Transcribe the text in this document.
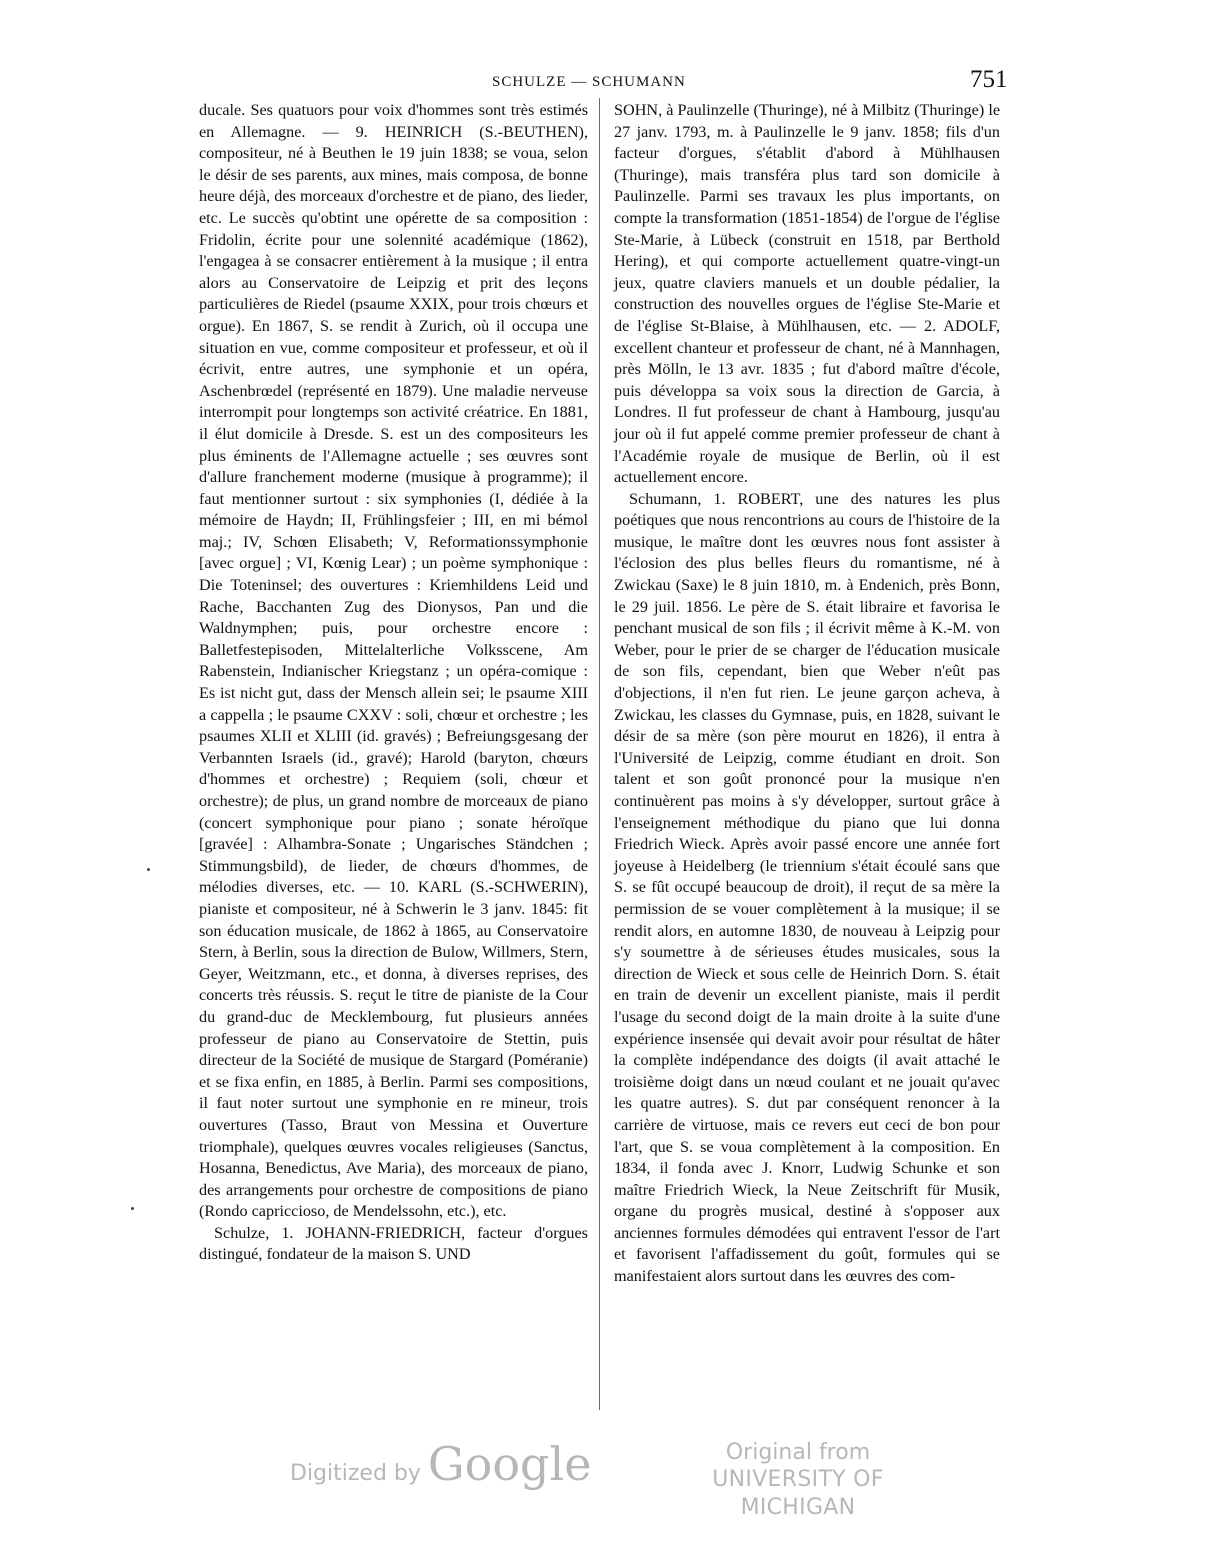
SCHULZE — SCHUMANN	751

ducale. Ses quatuors pour voix d'hommes sont très estimés en Allemagne. — 9. HEINRICH (S.-BEUTHEN), compositeur, né à Beuthen le 19 juin 1838; se voua, selon le désir de ses parents, aux mines, mais composa, de bonne heure déjà, des morceaux d'orchestre et de piano, des lieder, etc. Le succès qu'obtint une opérette de sa composition : Fridolin, écrite pour une solennité académique (1862), l'engagea à se consacrer entièrement à la musique ; il entra alors au Conservatoire de Leipzig et prit des leçons particulières de Riedel (psaume XXIX, pour trois chœurs et orgue). En 1867, S. se rendit à Zurich, où il occupa une situation en vue, comme compositeur et professeur, et où il écrivit, entre autres, une symphonie et un opéra, Aschenbrœdel (représenté en 1879). Une maladie nerveuse interrompit pour longtemps son activité créatrice. En 1881, il élut domicile à Dresde. S. est un des compositeurs les plus éminents de l'Allemagne actuelle ; ses œuvres sont d'allure franchement moderne (musique à programme); il faut mentionner surtout : six symphonies (I, dédiée à la mémoire de Haydn; II, Frühlingsfeier ; III, en mi bémol maj.; IV, Schœn Elisabeth; V, Reformationssymphonie [avec orgue] ; VI, Kœnig Lear) ; un poème symphonique : Die Toteninsel; des ouvertures : Kriemhildens Leid und Rache, Bacchanten Zug des Dionysos, Pan und die Waldnymphen; puis, pour orchestre encore : Balletfestepisoden, Mittelalterliche Volksscene, Am Rabenstein, Indianischer Kriegstanz ; un opéra-comique : Es ist nicht gut, dass der Mensch allein sei; le psaume XIII a cappella ; le psaume CXXV : soli, chœur et orchestre ; les psaumes XLII et XLIII (id. gravés) ; Befreiungsgesang der Verbannten Israels (id., gravé); Harold (baryton, chœurs d'hommes et orchestre) ; Requiem (soli, chœur et orchestre); de plus, un grand nombre de morceaux de piano (concert symphonique pour piano ; sonate héroïque [gravée] : Alhambra-Sonate ; Ungarisches Ständchen ; Stimmungsbild), de lieder, de chœurs d'hommes, de mélodies diverses, etc. — 10. KARL (S.-SCHWERIN), pianiste et compositeur, né à Schwerin le 3 janv. 1845: fit son éducation musicale, de 1862 à 1865, au Conservatoire Stern, à Berlin, sous la direction de Bulow, Willmers, Stern, Geyer, Weitzmann, etc., et donna, à diverses reprises, des concerts très réussis. S. reçut le titre de pianiste de la Cour du grand-duc de Mecklembourg, fut plusieurs années professeur de piano au Conservatoire de Stettin, puis directeur de la Société de musique de Stargard (Poméranie) et se fixa enfin, en 1885, à Berlin. Parmi ses compositions, il faut noter surtout une symphonie en re mineur, trois ouvertures (Tasso, Braut von Messina et Ouverture triomphale), quelques œuvres vocales religieuses (Sanctus, Hosanna, Benedictus, Ave Maria), des morceaux de piano, des arrangements pour orchestre de compositions de piano (Rondo capriccioso, de Mendelssohn, etc.), etc.

Schulze, 1. JOHANN-FRIEDRICH, facteur d'orgues distingué, fondateur de la maison S. UND

SOHN, à Paulinzelle (Thuringe), né à Milbitz (Thuringe) le 27 janv. 1793, m. à Paulinzelle le 9 janv. 1858; fils d'un facteur d'orgues, s'établit d'abord à Mühlhausen (Thuringe), mais transféra plus tard son domicile à Paulinzelle. Parmi ses travaux les plus importants, on compte la transformation (1851-1854) de l'orgue de l'église Ste-Marie, à Lübeck (construit en 1518, par Berthold Hering), et qui comporte actuellement quatre-vingt-un jeux, quatre claviers manuels et un double pédalier, la construction des nouvelles orgues de l'église Ste-Marie et de l'église St-Blaise, à Mühlhausen, etc. — 2. ADOLF, excellent chanteur et professeur de chant, né à Mannhagen, près Mölln, le 13 avr. 1835 ; fut d'abord maître d'école, puis développa sa voix sous la direction de Garcia, à Londres. Il fut professeur de chant à Hambourg, jusqu'au jour où il fut appelé comme premier professeur de chant à l'Académie royale de musique de Berlin, où il est actuellement encore.

Schumann, 1. ROBERT, une des natures les plus poétiques que nous rencontrions au cours de l'histoire de la musique, le maître dont les œuvres nous font assister à l'éclosion des plus belles fleurs du romantisme, né à Zwickau (Saxe) le 8 juin 1810, m. à Endenich, près Bonn, le 29 juil. 1856. Le père de S. était libraire et favorisa le penchant musical de son fils ; il écrivit même à K.-M. von Weber, pour le prier de se charger de l'éducation musicale de son fils, cependant, bien que Weber n'eût pas d'objections, il n'en fut rien. Le jeune garçon acheva, à Zwickau, les classes du Gymnase, puis, en 1828, suivant le désir de sa mère (son père mourut en 1826), il entra à l'Université de Leipzig, comme étudiant en droit. Son talent et son goût prononcé pour la musique n'en continuèrent pas moins à s'y développer, surtout grâce à l'enseignement méthodique du piano que lui donna Friedrich Wieck. Après avoir passé encore une année fort joyeuse à Heidelberg (le triennium s'était écoulé sans que S. se fût occupé beaucoup de droit), il reçut de sa mère la permission de se vouer complètement à la musique; il se rendit alors, en automne 1830, de nouveau à Leipzig pour s'y soumettre à de sérieuses études musicales, sous la direction de Wieck et sous celle de Heinrich Dorn. S. était en train de devenir un excellent pianiste, mais il perdit l'usage du second doigt de la main droite à la suite d'une expérience insensée qui devait avoir pour résultat de hâter la complète indépendance des doigts (il avait attaché le troisième doigt dans un nœud coulant et ne jouait qu'avec les quatre autres). S. dut par conséquent renoncer à la carrière de virtuose, mais ce revers eut ceci de bon pour l'art, que S. se voua complètement à la composition. En 1834, il fonda avec J. Knorr, Ludwig Schunke et son maître Friedrich Wieck, la Neue Zeitschrift für Musik, organe du progrès musical, destiné à s'opposer aux anciennes formules démodées qui entravent l'essor de l'art et favorisent l'affadissement du goût, formules qui se manifestaient alors surtout dans les œuvres des com-

Digitized by Google	Original from
UNIVERSITY OF MICHIGAN
